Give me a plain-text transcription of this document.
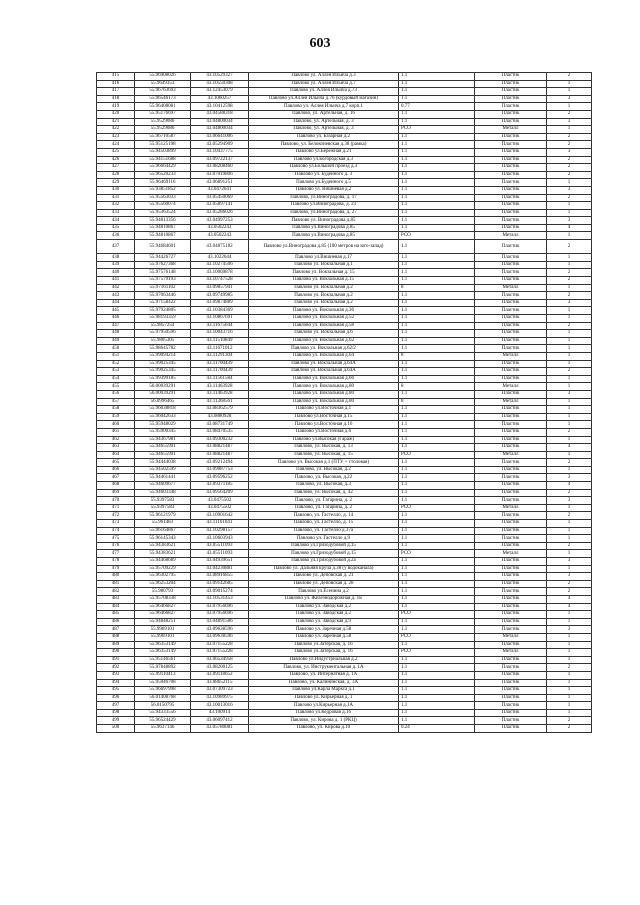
603
415	55.96908026	43.10529327	Павлово ул. Аллея Ильича д.3	1.1	Пластик	2
416	55.9649353	43.10550308	Павлово ул. Аллея Ильича д.7	1.1	Пластик	1
417	55.96763693	43.12453079	Павлово ул. Аллея Ильича д.73	1.1	Пластик	1
418	55.96546173	43.1060257	Павлово ул.Аллея Ильича д.76 (курдовый магазин)	1.1	Пластик	3
419	55.96408081	43.10412598	Павлово ул. Аллея Ильича д.7 корп.1	0.77	Пластик	1
420	55.95176697	43.04588318	Павлово, ул. Артельная, д. 16	1.1	Пластик	2
421	55.9529086	43.04800034	Павлово, ул. Артельная, д. 3	1.1	Пластик	3
422	55.9529086	43.04800034	Павлово, ул. Артельная, д. 3	РСО	Металл	1
423	55.96710587	43.06641006	Павлово ул. Базарная д.2	1.1	Пластик	2
424	55.95125198	43.05294909	Павлово, ул. Белоконевская д.38 (рамка)	1.1	Пластик	2
425	55.94503899	43.10437775	Павлово ул.Бережная д.21	1.1	Пластик	3
426	55.94151688	43.09722137	Павлово ул.Богородская д.3	1.1	Пластик	2
427	55.96664429	43.08208460	Павлово ул.Большой проезд д.3	1.1	Пластик	2
428	55.96520233	43.07019806	Павлово ул. Буденного д. 3	1.1	Пластик	2
429	55.96469116	43.06891251	Павлово ул.Буденного д.5	1.1	Пластик	1
430	55.93851852	43.0472641	Павлово ул. Вишневая д.2	1.1	Пластик	3
431	55.95563033	43.05450069	Павлово, ул.Виноградова, д. 17	1.1	Пластик	2
432	55.95560074	43.05897141	Павлово ул.Виноградова, д. 23	1.1	Пластик	1
433	55.95363524	43.05286026	Павлово, ул.Виноградова, д. 27	1.1	Пластик	1
434	55.94813356	43.04997253	Павлово ул. Виноградова д.85	1.1	Пластик	3
435	55.94810867	43.0502243	Павлово ул.Виноградова д.85	1.1	Пластик	4
436	55.94810867	43.0502243	Павлово ул.Виноградова д.85	РСО	Металл	1
437	55.94684601	43.04875182	Павлово ул.Виноградова д.85 (100 метров на юго-запад)	1.1	Пластик	2
438	55.94426727	43.1022644	Павлово ул.Вишневая д.17	1.1	Пластик	1
439	55.97627368	43.10274506	Павлово ул. Вокзальная д.1	1.1	Пластик	1
440	55.97576148	43.10069878	Павлово ул. Вокзальная д. 15	1.1	Пластик	2
441	55.97579193	43.10747528	Павлово ул. Вокзальная д.15	1.1	Пластик	2
442	55.97161102	43.09857941	Павлово ул. Вокзальная д.2	8	Металл	1
443	55.97063446	43.09749985	Павлово ул. Вокзальная д.2	1.1	Пластик	2
444	55.97158422	43.09874889	Павлово ул. Вокзальная д.2	1.1	Пластик	3
445	55.97924805	43.10384369	Павлово ул. Вокзальная д.36	1.1	Пластик	1
446	55.98193359	43.10867691	Павлово ул. Вокзальная д.52	1.1	Пластик	1
447	55.9857254	43.11675644	Павлово ул. Вокзальная д.58	1.1	Пластик	2
448	55.97950596	43.10043716	Павлово ул. Вокзальная д.6	1.1	Пластик	1
449	55.9805305	43.11510849	Павлово ул. Вокзальная д.62	1.1	Пластик	1
450	55.98645782	43.11671012	Павлово ул. Вокзальная д.62/2	1.1	Пластик	1
451	55.99094214	43.11291304	Павлово ул. Вокзальная д.64	8	Металл	1
452	55.99025345	43.11700439	Павлово ул. Вокзальная д.64А	1.1	Пластик	1
453	55.99025345	43.11700439	Павлово ул. Вокзальная д.64А	1.1	Пластик	2
454	55.99399185	43.11561584	Павлово ул. Вокзальная д.66	1.1	Пластик	1
455	56.00039291	43.11463928	Павлово ул. Вокзальная д.80	8	Металл	1
456	56.00039291	43.11463928	Павлово ул. Вокзальная д.80	1.1	Пластик	3
457	56.0996465	43.11368561	Павлово ул. Вокзальная д.80	8	Металл	1
458	55.96038818	43.08362579	Павлово ул.Восточная д.1	1.1	Пластик	1
459	55.96042633	43.0880928	Павлово ул.Восточная д.15	1.1	Пластик	1
460	55.95948029	43.08731749	Павлово ул.Восточная д.16	1.1	Пластик	1
461	55.95900345	43.08470535	Павлово ул.Восточная д.6	1.1	Пластик	2
462	55.94367981	43.09300232	Павлово ул.Высокая (Гараж)	1.1	Пластик	1
463	55.94655991	43.08821487	Павлово, ул. Высокая, д. 13	1.1	Пластик	4
464	55.94655991	43.08821487	Павлово, ул. Высокая, д. 15	РСО	Металл	1
465	55.94444038	43.09212494	Павлово ул. Высокая д.1 (ПТУ + столовая)	1.1	Пластик	2
466	55.94502599	43.09087753	Павлово, ул. Высокая, д.2	1.1	Пластик	1
467	55.94461441	43.09596252	Павлово, ул. Высокая, д.22	1.1	Пластик	3
468	55.94609677	43.09371185	Павлово, ул. Высокая, д.3	1.1	Пластик	4
469	55.94603348	43.09564209	Павлово, ул. Высокая, д. 42	1.1	Пластик	2
470	55.9397583	43.0475502	Павлово, ул. Гагарина, д. 2	1.1	Пластик	3
471	55.9397583	43.0475502	Павлово, ул. Гагарина, д. 2	РСО	Металл	1
472	55.96121979	43.10901642	Павлово, ул. Гастелло, д. 14	1.1	Пластик	2
473	55.961483	43.11161041	Павлово, ул. Гастелло, д. 15	1.1	Пластик	1
474	55.96164867	43.10298157	Павлово, ул. Гастелло д.37а	1.1	Пластик	1
475	55.96145343	43.10603943	Павлово ул. Гастелло д.9	1.1	Пластик	1
476	55.94383621	43.05511093	Павлово ул.Гризодубовой д.15	1.1	Пластик	2
477	55.94383621	43.05511093	Павлово ул.Гризодубовой д.15	РСО	Металл	1
478	55.94468689	43.04939651	Павлово ул.Гризодубовой д.2а	1.1	Пластик	3
479	55.95709229	43.04230881	Павлово ул. Дальняя круча д.38 (у водоканала)	1.1	Пластик	1
480	55.96302795	43.08916855	Павлово ул. Деповская д. 21	1.1	Пластик	3
481	55.96253204	43.09142685	Павлово ул. Деповская д. 28	1.1	Пластик	2
482	55.980793	43.09015274	Павлово ул.Есенина д.2	1.1	Пластик	2
483	55.95708338	43.10531453	Павлово ул. Железнодорожная д. 1Б	1.1	Пластик	4
484	55.96466827	43.07956696	Павлово ул. Заводская д.2	1.1	Пластик	4
485	55.96466827	43.07956696	Павлово ул. Заводская д.2	РСО	Пластик	1
486	55.94848251	43.04891586	Павлово ул. Заводская д.9	1.1	Пластик	1
487	55.9969101	43.09638596	Павлово ул. Заречная д.58	1.1	Пластик	3
488	55.9969101	43.09638596	Павлово ул. Заречная д.58	РСО	Металл	1
489	55.96353149	43.07155228	Павлово ул.Затерская, д. 16	1.1	Пластик	1
490	55.96353149	43.07155228	Павлово ул.Затерская, д. 16	РСО	Металл	1
491	55.95146561	43.06534958	Павлово ул.Индустриальная д.2	1.1	Пластик	1
492	55.97848892	43.08200125	Павлово, ул. Инструментальная д. 1А	1.1	Пластик	2
493	55.99110413	43.09118652	Павлово, ул. Интернатная д. 1А	1.1	Пластик	1
494	55.95046708	43.08652115	Павлово, ул. Калининская, д. 3А	1.1	Пластик	1
495	55.96697998	43.07309723	Павлово ул.Карла Маркса д.1	1.1	Пластик	1
496	56.01408768	43.10989975	Павлово ул. Кирьерная д. 1	1.1	Пластик	1
497	56.0150795	43.10013016	Павлово ул.Кирьерная д.1А	1.1	Пластик	1
498	55.94333556	43.100914	Павлово ул.Кедровая д.16	1.1	Пластик	1
499	55.96524429	43.06097412	Павлово, ул. Кирова д. 1 (РКЦ)	1.1	Пластик	2
500	55.9637146	43.05780081	Павлово, ул. Кирова д.10	0.24	Пластик	2
